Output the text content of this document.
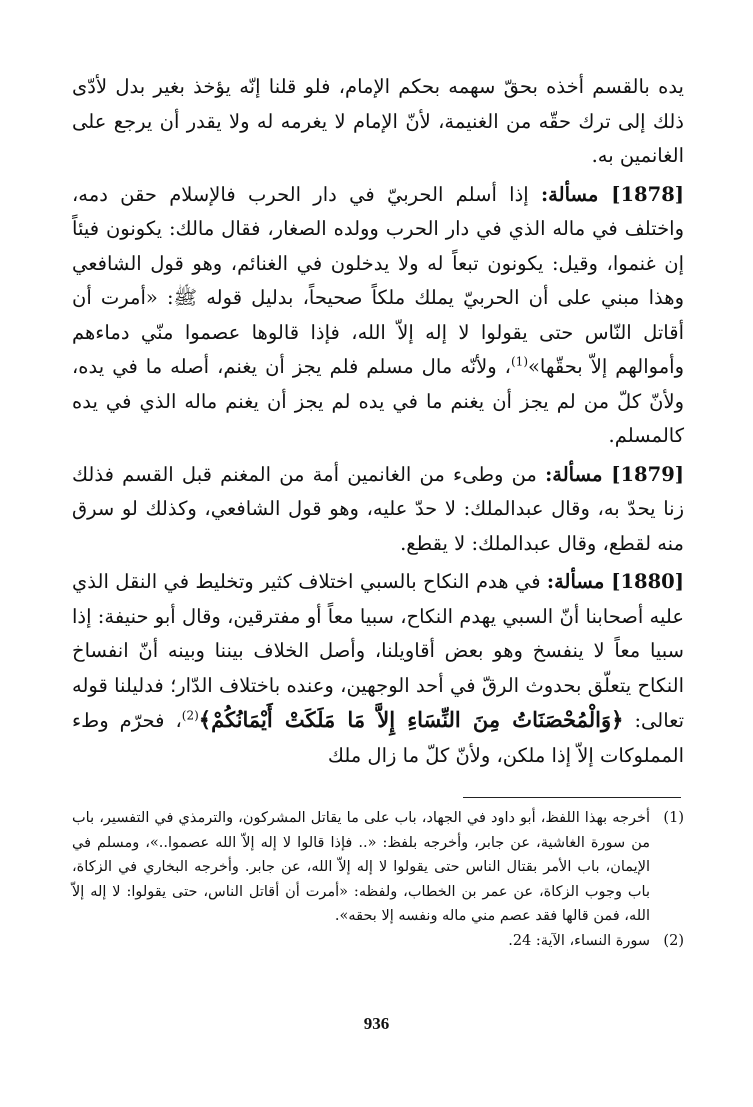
يده بالقسم أخذه بحقّ سهمه بحكم الإمام، فلو قلنا إنّه يؤخذ بغير بدل لأدّى ذلك إلى ترك حقّه من الغنيمة، لأنّ الإمام لا يغرمه له ولا يقدر أن يرجع على الغانمين به.

[1878] مسألة: إذا أسلم الحربيّ في دار الحرب فالإسلام حقن دمه، واختلف في ماله الذي في دار الحرب وولده الصغار، فقال مالك: يكونون فيئاً إن غنموا، وقيل: يكونون تبعاً له ولا يدخلون في الغنائم، وهو قول الشافعي وهذا مبني على أن الحربيّ يملك ملكاً صحيحاً، بدليل قوله ﷺ: «أمرت أن أقاتل النّاس حتى يقولوا لا إله إلاّ الله، فإذا قالوها عصموا منّي دماءهم وأموالهم إلاّ بحقّها»$^{(1)}$، ولأنّه مال مسلم فلم يجز أن يغنم، أصله ما في يده، ولأنّ كلّ من لم يجز أن يغنم ما في يده لم يجز أن يغنم ماله الذي في يده كالمسلم.

[1879] مسألة: من وطىء من الغانمين أمة من المغنم قبل القسم فذلك زنا يحدّ به، وقال عبدالملك: لا حدّ عليه، وهو قول الشافعي، وكذلك لو سرق منه لقطع، وقال عبدالملك: لا يقطع.

[1880] مسألة: في هدم النكاح بالسبي اختلاف كثير وتخليط في النقل الذي عليه أصحابنا أنّ السبي يهدم النكاح، سبيا معاً أو مفترقين، وقال أبو حنيفة: إذا سبيا معاً لا ينفسخ وهو بعض أقاويلنا، وأصل الخلاف بيننا وبينه أنّ انفساخ النكاح يتعلّق بحدوث الرقّ في أحد الوجهين، وعنده باختلاف الدّار؛ فدليلنا قوله تعالى: ﴿وَالْمُحْصَنَاتُ مِنَ النِّسَاءِ إِلاَّ مَا مَلَكَتْ أَيْمَانُكُمْ﴾$^{(2)}$، فحرّم وطء المملوكات إلاّ إذا ملكن، ولأنّ كلّ ما زال ملك

(1)
أخرجه بهذا اللفظ، أبو داود في الجهاد، باب على ما يقاتل المشركون، والترمذي في التفسير، باب من سورة الغاشية، عن جابر، وأخرجه بلفظ: «.. فإذا قالوا لا إله إلاّ الله عصموا..»، ومسلم في الإيمان، باب الأمر بقتال الناس حتى يقولوا لا إله إلاّ الله، عن جابر. وأخرجه البخاري في الزكاة، باب وجوب الزكاة، عن عمر بن الخطاب، ولفظه: «أمرت أن أقاتل الناس، حتى يقولوا: لا إله إلاّ الله، فمن قالها فقد عصم مني ماله ونفسه إلا بحقه».

(2)
سورة النساء، الآية: 24.

936
